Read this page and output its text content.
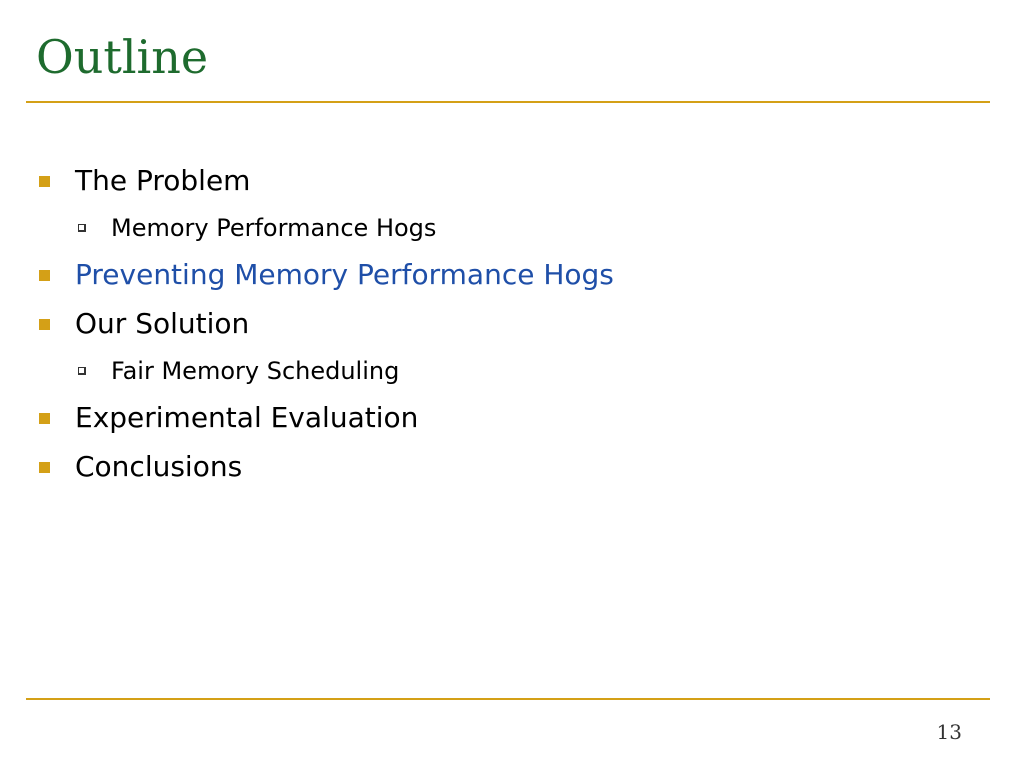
Outline
The Problem
Memory Performance Hogs
Preventing Memory Performance Hogs
Our Solution
Fair Memory Scheduling
Experimental Evaluation
Conclusions
13
